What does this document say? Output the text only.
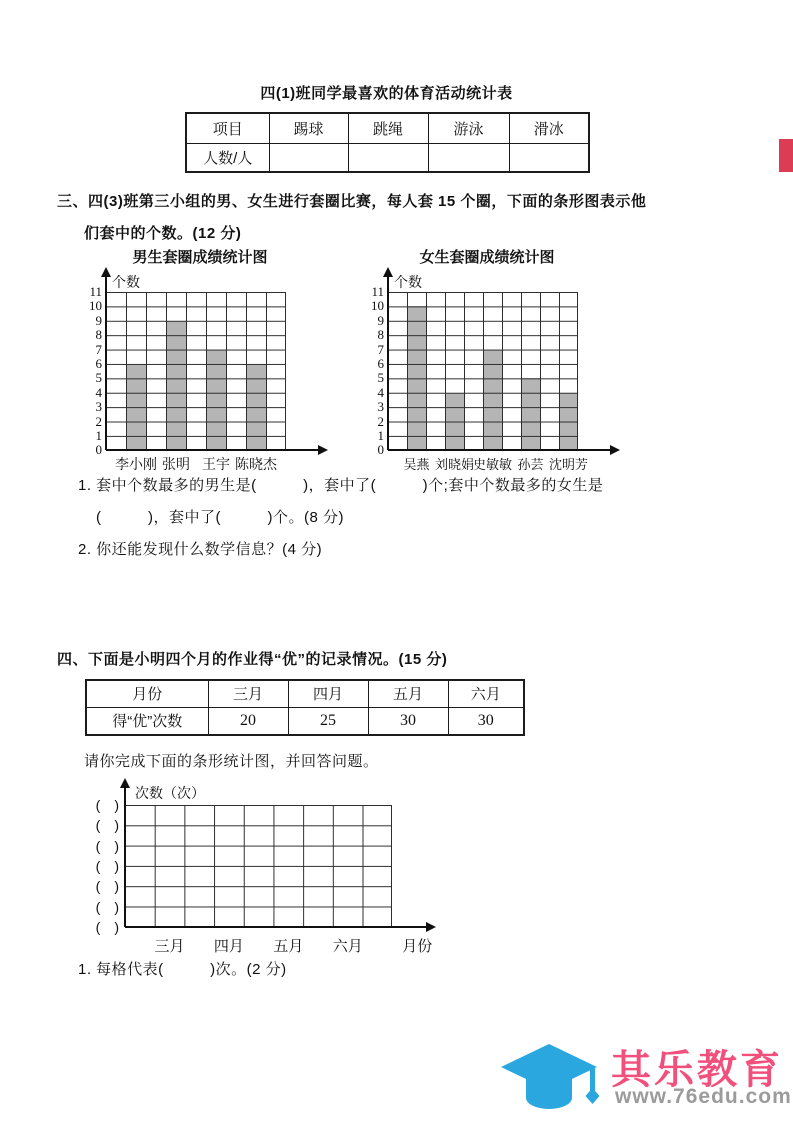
四(1)班同学最喜欢的体育活动统计表
项目	踢球	跳绳	游泳	滑冰
人数/人				
三、四(3)班第三小组的男、女生进行套圈比赛，每人套 15 个圈，下面的条形图表示他
们套中的个数。(12 分)
男生套圈成绩统计图	女生套圈成绩统计图
0
1
2
3
4
5
6
7
8
9
10
11
个数
李小刚 张明 王宇 陈晓杰
0
1
2
3
4
5
6
7
8
9
10
11
个数
吴燕 刘晓娟
史敏敏 孙芸 沈明芳
1. 套中个数最多的男生是(　　　)，套中了(　　　)个;套中个数最多的女生是
(　　　)，套中了(　　　)个。(8 分)
2. 你还能发现什么数学信息？(4 分)
四、下面是小明四个月的作业得“优”的记录情况。(15 分)
月份	三月	四月	五月	六月
得“优”次数	20	25	30	30
请你完成下面的条形统计图，并回答问题。
(　)
(　)
(　)
(　)
(　)
(　)
(　)
次数（次）
三月 四月 五月 六月	月份
1. 每格代表(　　　)次。(2 分)
其乐教育
www.76edu.com
